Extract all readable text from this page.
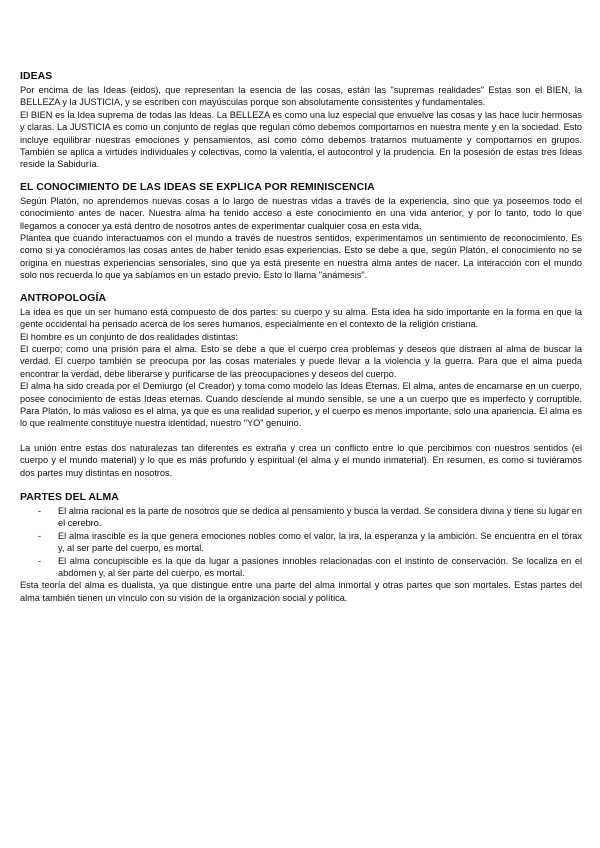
IDEAS

Por encima de las Ideas (eidos), que representan la esencia de las cosas, están las "supremas realidades" Estas son el BIEN, la BELLEZA y la JUSTICIA, y se escriben con mayúsculas porque son absolutamente consistentes y fundamentales.

El BIEN es la Idea suprema de todas las Ideas. La BELLEZA es como una luz especial que envuelve las cosas y las hace lucir hermosas y claras. La JUSTICIA es como un conjunto de reglas que regulan cómo debemos comportarnos en nuestra mente y en la sociedad. Esto incluye equilibrar nuestras emociones y pensamientos, así como cómo debemos tratarnos mutuamente y comportarnos en grupos. También se aplica a virtudes individuales y colectivas, como la valentía, el autocontrol y la prudencia. En la posesión de estas tres Ideas reside la Sabiduría.

EL CONOCIMIENTO DE LAS IDEAS SE EXPLICA POR REMINISCENCIA

Según Platón, no aprendemos nuevas cosas a lo largo de nuestras vidas a través de la experiencia, sino que ya poseemos todo el conocimiento antes de nacer. Nuestra alma ha tenido acceso a este conocimiento en una vida anterior, y por lo tanto, todo lo que llegamos a conocer ya está dentro de nosotros antes de experimentar cualquier cosa en esta vida.

Plantea que cuando interactuamos con el mundo a través de nuestros sentidos, experimentamos un sentimiento de reconocimiento. Es como si ya conociéramos las cosas antes de haber tenido esas experiencias. Esto se debe a que, según Platón, el conocimiento no se origina en nuestras experiencias sensoriales, sino que ya está presente en nuestra alma antes de nacer. La interacción con el mundo solo nos recuerda lo que ya sabíamos en un estado previo. Esto lo llama "anámesis".

ANTROPOLOGÍA

La idea es que un ser humano está compuesto de dos partes: su cuerpo y su alma. Esta idea ha sido importante en la forma en que la gente occidental ha pensado acerca de los seres humanos, especialmente en el contexto de la religión cristiana.

El hombre es un conjunto de dos realidades distintas:

El cuerpo; como una prisión para el alma. Esto se debe a que el cuerpo crea problemas y deseos que distraen al alma de buscar la verdad. El cuerpo también se preocupa por las cosas materiales y puede llevar a la violencia y la guerra. Para que el alma pueda encontrar la verdad, debe liberarse y purificarse de las preocupaciones y deseos del cuerpo.

El alma ha sido creada por el Demiurgo (el Creador) y toma como modelo las Ideas Eternas. El alma, antes de encarnarse en un cuerpo, posee conocimiento de estas Ideas eternas. Cuando desciende al mundo sensible, se une a un cuerpo que es imperfecto y corruptible. Para Platón, lo más valioso es el alma, ya que es una realidad superior, y el cuerpo es menos importante, solo una apariencia. El alma es lo que realmente constituye nuestra identidad, nuestro "YO" genuino.

La unión entre estas dos naturalezas tan diferentes es extraña y crea un conflicto entre lo que percibimos con nuestros sentidos (el cuerpo y el mundo material) y lo que es más profundo y espiritual (el alma y el mundo inmaterial). En resumen, es como si tuviéramos dos partes muy distintas en nosotros.

PARTES DEL ALMA
- El alma racional es la parte de nosotros que se dedica al pensamiento y busca la verdad. Se considera divina y tiene su lugar en el cerebro.
- El alma irascible es la que genera emociones nobles como el valor, la ira, la esperanza y la ambición. Se encuentra en el tórax y, al ser parte del cuerpo, es mortal.
- El alma concupiscible es la que da lugar a pasiones innobles relacionadas con el instinto de conservación. Se localiza en el abdomen y, al ser parte del cuerpo, es mortal.

Esta teoría del alma es dualista, ya que distingue entre una parte del alma inmortal y otras partes que son mortales. Estas partes del alma también tienen un vínculo con su visión de la organización social y política.
